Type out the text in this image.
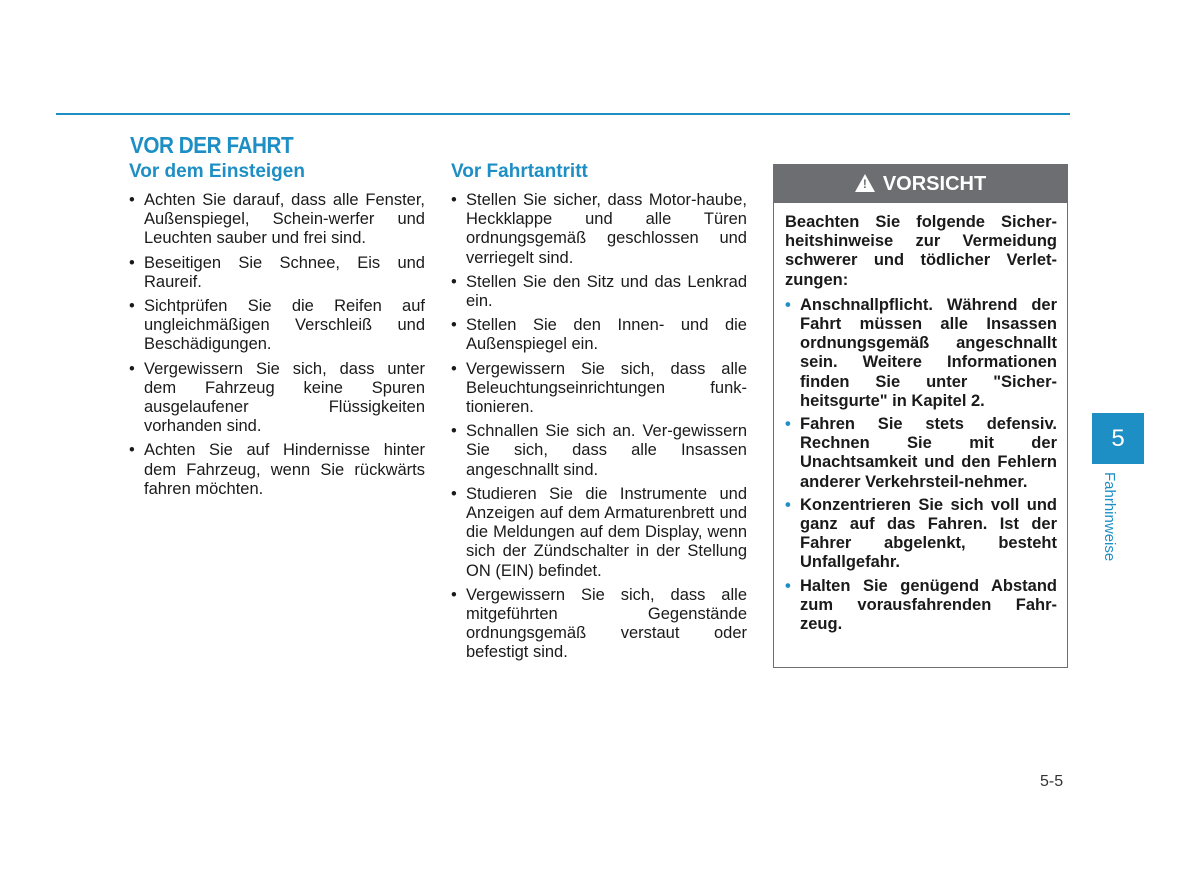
VOR DER FAHRT
Vor dem Einsteigen
• Achten Sie darauf, dass alle Fenster, Außenspiegel, Schein-werfer und Leuchten sauber und frei sind.
• Beseitigen Sie Schnee, Eis und Raureif.
• Sichtprüfen Sie die Reifen auf ungleichmäßigen Verschleiß und Beschädigungen.
• Vergewissern Sie sich, dass unter dem Fahrzeug keine Spuren ausgelaufener Flüssigkeiten vorhanden sind.
• Achten Sie auf Hindernisse hinter dem Fahrzeug, wenn Sie rückwärts fahren möchten.
Vor Fahrtantritt
• Stellen Sie sicher, dass Motor-haube, Heckklappe und alle Türen ordnungsgemäß geschlossen und verriegelt sind.
• Stellen Sie den Sitz und das Lenkrad ein.
• Stellen Sie den Innen- und die Außenspiegel ein.
• Vergewissern Sie sich, dass alle Beleuchtungseinrichtungen funk-tionieren.
• Schnallen Sie sich an. Ver-gewissern Sie sich, dass alle Insassen angeschnallt sind.
• Studieren Sie die Instrumente und Anzeigen auf dem Armaturenbrett und die Meldungen auf dem Display, wenn sich der Zündschalter in der Stellung ON (EIN) befindet.
• Vergewissern Sie sich, dass alle mitgeführten Gegenstände ordnungsgemäß verstaut oder befestigt sind.
! VORSICHT

Beachten Sie folgende Sicher-heitshinweise zur Vermeidung schwerer und tödlicher Verlet-zungen:

• Anschnallpflicht. Während der Fahrt müssen alle Insassen ordnungsgemäß angeschnallt sein. Weitere Informationen finden Sie unter "Sicher-heitsgurte" in Kapitel 2.
• Fahren Sie stets defensiv. Rechnen Sie mit der Unachtsamkeit und den Fehlern anderer Verkehrsteil-nehmer.
• Konzentrieren Sie sich voll und ganz auf das Fahren. Ist der Fahrer abgelenkt, besteht Unfallgefahr.
• Halten Sie genügend Abstand zum vorausfahrenden Fahr-zeug.
5
Fahrhinweise
5-5
